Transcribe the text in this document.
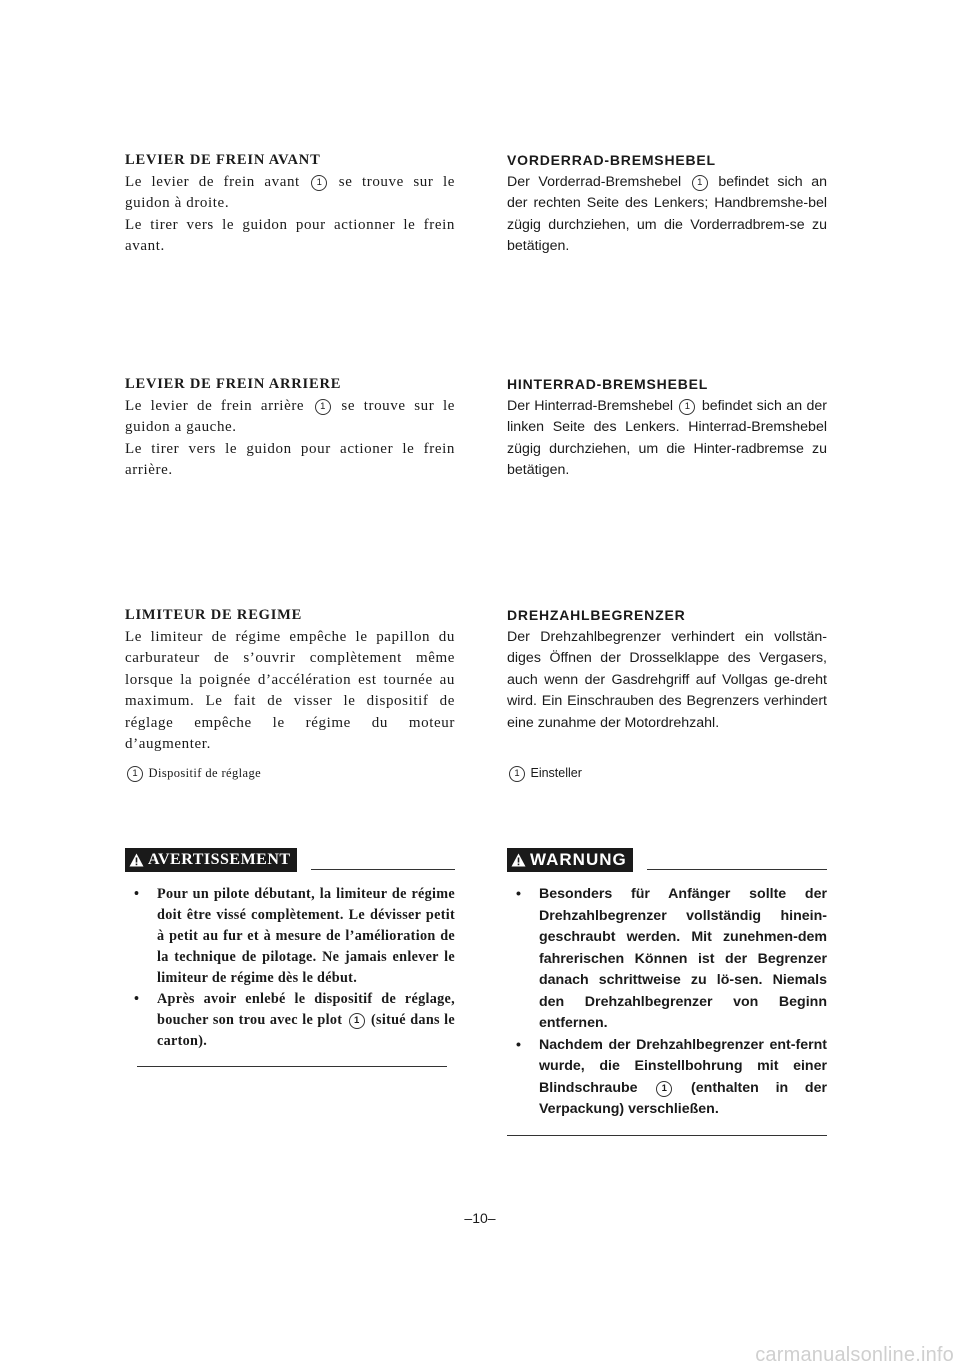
LEVIER DE FREIN AVANT

Le levier de frein avant 1 se trouve sur le guidon à droite.
Le tirer vers le guidon pour actionner le frein avant.

VORDERRAD-BREMSHEBEL

Der Vorderrad-Bremshebel 1 befindet sich an der rechten Seite des Lenkers; Handbremshe-bel zügig durchziehen, um die Vorderradbrem-se zu betätigen.

LEVIER DE FREIN ARRIERE

Le levier de frein arrière 1 se trouve sur le guidon a gauche.
Le tirer vers le guidon pour actioner le frein arrière.

HINTERRAD-BREMSHEBEL

Der Hinterrad-Bremshebel 1 befindet sich an der linken Seite des Lenkers. Hinterrad-Bremshebel zügig durchziehen, um die Hinter-radbremse zu betätigen.

LIMITEUR DE REGIME

Le limiteur de régime empêche le papillon du carburateur de s’ouvrir complètement même lorsque la poignée d’accélération est tournée au maximum. Le fait de visser le dispositif de réglage empêche le régime du moteur d’augmenter.

1 Dispositif de réglage

DREHZAHLBEGRENZER

Der Drehzahlbegrenzer verhindert ein vollstän-diges Öffnen der Drosselklappe des Vergasers, auch wenn der Gasdrehgriff auf Vollgas ge-dreht wird. Ein Einschrauben des Begrenzers verhindert eine zunahme der Motordrehzahl.

1 Einsteller

AVERTISSEMENT
• Pour un pilote débutant, la limiteur de régime doit être vissé complètement. Le dévisser petit à petit au fur et à mesure de l’amélioration de la technique de pilotage. Ne jamais enlever le limiteur de régime dès le début.
• Après avoir enlebé le dispositif de réglage, boucher son trou avec le plot 1 (situé dans le carton).
WARNUNG
• Besonders für Anfänger sollte der Drehzahlbegrenzer vollständig hinein-geschraubt werden. Mit zunehmen-dem fahrerischen Können ist der Begrenzer danach schrittweise zu lö-sen. Niemals den Drehzahlbegrenzer von Beginn entfernen.
• Nachdem der Drehzahlbegrenzer ent-fernt wurde, die Einstellbohrung mit einer Blindschraube	1 (enthalten in der Verpackung) verschließen.
–10–
carmanualsonline.info
